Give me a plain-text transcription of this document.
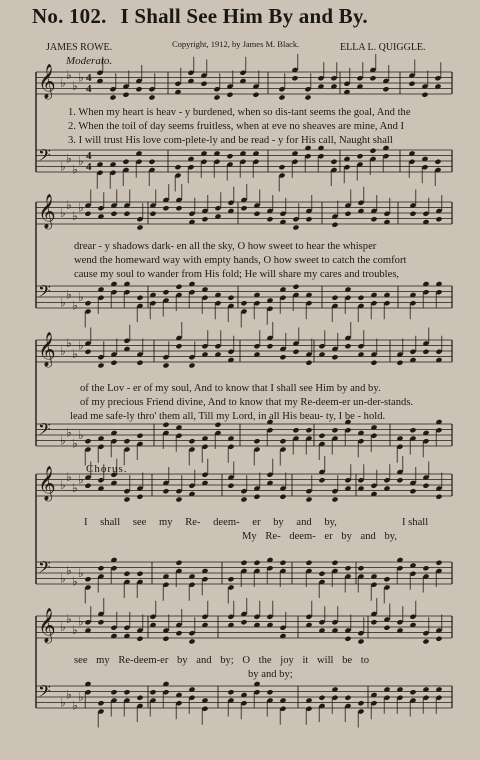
No. 102. I Shall See Him By and By.
JAMES ROWE.	Copyright, 1912, by James M. Black.	ELLA L. QUIGGLE.
Moderato.
𝄞 ♭
♭
♭
♭ 4
4
𝄢 ♭
♭
♭
♭ 4
4
𝄞 ♭
♭
♭
♭
𝄢 ♭
♭
♭
♭
𝄞 ♭
♭
♭
♭
𝄢 ♭
♭
♭
♭
𝄞 ♭
♭
♭
♭
𝄢 ♭
♭
♭
♭
𝄞 ♭
♭
♭
♭
𝄢 ♭
♭
♭
♭
1. When my heart is heav - y burdened, when so dis-tant seems the goal, And the
2. When the toil of day seems fruitless, when at eve no sheaves are mine, And I
3. I will trust His love com-plete-ly and be read - y for His call, Naught shall
drear - y shadows dark- en all the sky, O how sweet to hear the whisper
wend the homeward way with empty hands, O how sweet to catch the comfort
cause my soul to wander from His fold; He will share my cares and troubles,
of the Lov - er of my soul, And to know that I shall see Him by and by.
of my precious Friend divine, And to know that my Re-deem-er un-der-stands.
lead me safe-ly thro' them all, Till my Lord, in all His beau- ty, I be - hold.
Chorus.
I shall see my Re- deem- er by and by,	I shall
My Re- deem- er by and by,
see my Re-deem-er by and by; O the joy it will be to
by and by;
